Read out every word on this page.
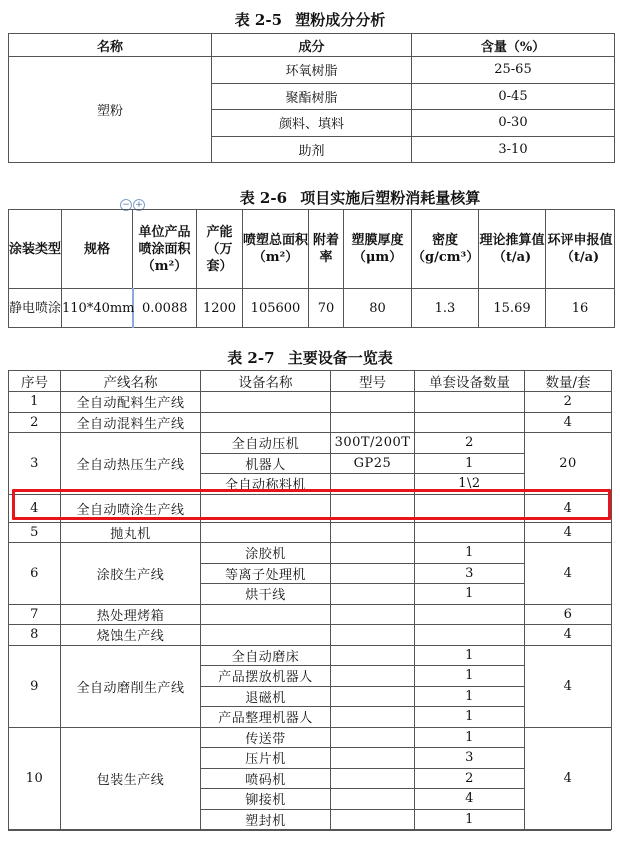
表 2-5 塑粉成分分析
名称	成分	含量（%）
塑粉	环氧树脂	25-65
	聚酯树脂	0-45
	颜料、填料	0-30
	助剂	3-10
− +	表 2-6 项目实施后塑粉消耗量核算
涂装类型	规格	单位产品喷涂面积（m²）	产能（万套）	喷塑总面积（m²）	附着率	塑膜厚度（μm）	密度（g/cm³）	理论推算值（t/a)	环评申报值（t/a)
静电喷涂	110*40mm	0.0088	1200	105600	70	80	1.3	15.69	16
表 2-7 主要设备一览表
序号	产线名称	设备名称	型号	单套设备数量	数量/套
1	全自动配料生产线				2
2	全自动混料生产线				4
3	全自动热压生产线	全自动压机	300T/200T	2	20
		机器人	GP25	1	
		全自动称料机		1\2	
4	全自动喷涂生产线				4
5	抛丸机				4
6	涂胶生产线	涂胶机		1	4
		等离子处理机		3	
		烘干线		1	
7	热处理烤箱				6
8	烧蚀生产线				4
9	全自动磨削生产线	全自动磨床		1	4
		产品摆放机器人		1	
		退磁机		1	
		产品整理机器人		1	
10	包装生产线	传送带		1	4
		压片机		3	
		喷码机		2	
		铆接机		4	
		塑封机		1	
